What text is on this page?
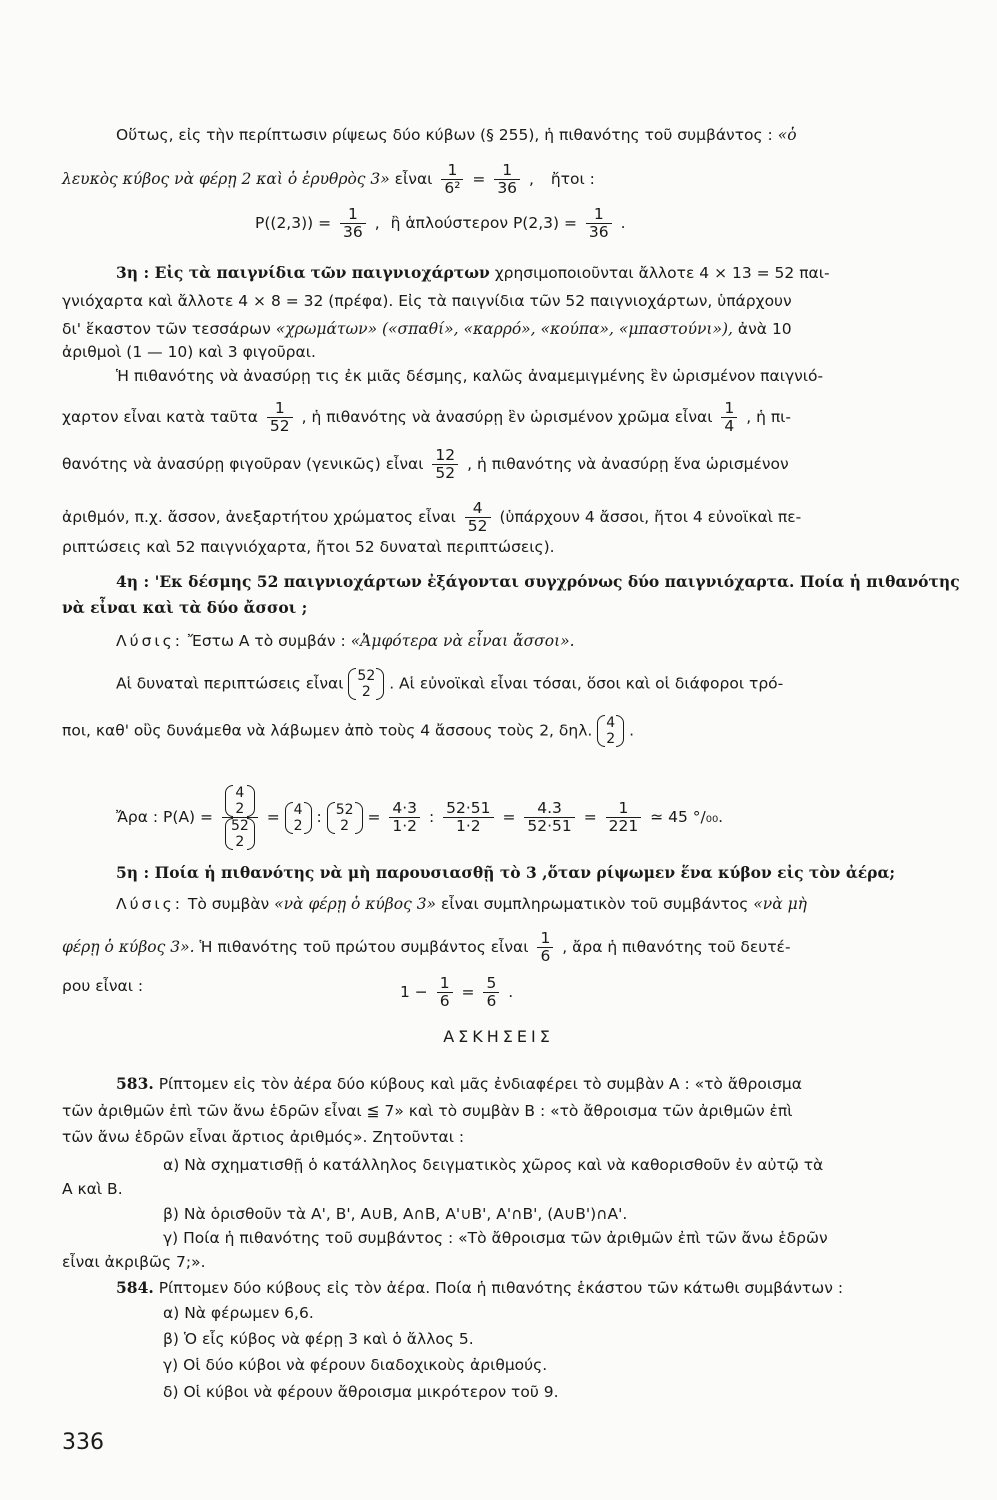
Οὕτως, εἰς τὴν περίπτωσιν ρίψεως δύο κύβων (§ 255), ἡ πιθανότης τοῦ συμβάντος : «ὁ
λευκὸς κύβος νὰ φέρῃ 2 καὶ ὁ ἐρυθρὸς 3» εἶναι $\frac{1}{\text{6²}} = \frac{1}{36}$ , ἤτοι :
$P((2,3)) = \frac{1}{36}$ , ἢ ἁπλούστερον $P(2,3) = \frac{1}{36}$ .
3η : Εἰς τὰ παιγνίδια τῶν παιγνιοχάρτων χρησιμοποιοῦνται ἄλλοτε 4 × 13 = 52 παι-
γνιόχαρτα καὶ ἄλλοτε 4 × 8 = 32 (πρέφα). Εἰς τὰ παιγνίδια τῶν 52 παιγνιοχάρτων, ὑπάρχουν
δι' ἕκαστον τῶν τεσσάρων «χρωμάτων» («σπαθί», «καρρό», «κούπα», «μπαστούνι»), ἀνὰ 10
ἀριθμοὶ (1 — 10) καὶ 3 φιγοῦραι.
Ἡ πιθανότης νὰ ἀνασύρῃ τις ἐκ μιᾶς δέσμης, καλῶς ἀναμεμιγμένης ἓν ὡρισμένον παιγνιό-
χαρτον εἶναι κατὰ ταῦτα $\frac{1}{52}$ , ἡ πιθανότης νὰ ἀνασύρῃ ἓν ὡρισμένον χρῶμα εἶναι $\frac{1}{4}$ , ἡ πι-
θανότης νὰ ἀνασύρῃ φιγοῦραν (γενικῶς) εἶναι $\frac{12}{52}$ , ἡ πιθανότης νὰ ἀνασύρῃ ἕνα ὡρισμένον
ἀριθμόν, π.χ. ἄσσον, ἀνεξαρτήτου χρώματος εἶναι $\frac{4}{52}$ (ὑπάρχουν 4 ἄσσοι, ἤτοι 4 εὐνοϊκαὶ πε-
ριπτώσεις καὶ 52 παιγνιόχαρτα, ἤτοι 52 δυναταὶ περιπτώσεις).
4η : 'Εκ δέσμης 52 παιγνιοχάρτων ἐξάγονται συγχρόνως δύο παιγνιόχαρτα. Ποία ἡ πιθανότης
νὰ εἶναι καὶ τὰ δύο ἄσσοι ;
Λύσις: Ἔστω Α τὸ συμβάν : «Ἀμφότερα νὰ εἶναι ἄσσοι».
Αἱ δυναταὶ περιπτώσεις εἶναι 52
2 . Αἱ εὐνοϊκαὶ εἶναι τόσαι, ὅσοι καὶ οἱ διάφοροι τρό-
ποι, καθ' οὓς δυνάμεθα νὰ λάβωμεν ἀπὸ τοὺς 4 ἄσσους τοὺς 2, δηλ. 4
2 .
Ἄρα : P(A) = 4
2
52
2 = 4
2 : 52
$2 = \frac{4\cdot 3}{1\cdot 2}$ : $\frac{52\cdot 51}{1\cdot 2} = \frac{4.3}{52\cdot 51} = \frac{1}{221}$ ≃ 45 °/₀₀.
5η : Ποία ἡ πιθανότης νὰ μὴ παρουσιασθῇ τὸ 3 ,ὅταν ρίψωμεν ἕνα κύβον εἰς τὸν ἀέρα;
Λύσις: Τὸ συμβὰν «νὰ φέρῃ ὁ κύβος 3» εἶναι συμπληρωματικὸν τοῦ συμβάντος «νὰ μὴ
φέρῃ ὁ κύβος 3». Ἡ πιθανότης τοῦ πρώτου συμβάντος εἶναι $\frac{1}{6}$ , ἄρα ἡ πιθανότης τοῦ δευτέ-
ρου εἶναι :	$1 - \frac{1}{6} = \frac{5}{6}$ .
ΑΣΚΗΣΕΙΣ
583. Ρίπτομεν εἰς τὸν ἀέρα δύο κύβους καὶ μᾶς ἐνδιαφέρει τὸ συμβὰν Α : «τὸ ἄθροισμα
τῶν ἀριθμῶν ἐπὶ τῶν ἄνω ἑδρῶν εἶναι ≦ 7» καὶ τὸ συμβὰν Β : «τὸ ἄθροισμα τῶν ἀριθμῶν ἐπὶ
τῶν ἄνω ἑδρῶν εἶναι ἄρτιος ἀριθμός». Ζητοῦνται :
α) Νὰ σχηματισθῇ ὁ κατάλληλος δειγματικὸς χῶρος καὶ νὰ καθορισθοῦν ἐν αὐτῷ τὰ
Α καὶ Β.
β) Νὰ ὁρισθοῦν τὰ Α', Β', Α∪Β, Α∩Β, Α'∪Β', Α'∩Β', (Α∪Β')∩Α'.
γ) Ποία ἡ πιθανότης τοῦ συμβάντος : «Τὸ ἄθροισμα τῶν ἀριθμῶν ἐπὶ τῶν ἄνω ἑδρῶν
εἶναι ἀκριβῶς 7;».
584. Ρίπτομεν δύο κύβους εἰς τὸν ἀέρα. Ποία ἡ πιθανότης ἑκάστου τῶν κάτωθι συμβάντων :
α) Νὰ φέρωμεν 6,6.
β) Ὁ εἷς κύβος νὰ φέρῃ 3 καὶ ὁ ἄλλος 5.
γ) Οἱ δύο κύβοι νὰ φέρουν διαδοχικοὺς ἀριθμούς.
δ) Οἱ κύβοι νὰ φέρουν ἄθροισμα μικρότερον τοῦ 9.
336
